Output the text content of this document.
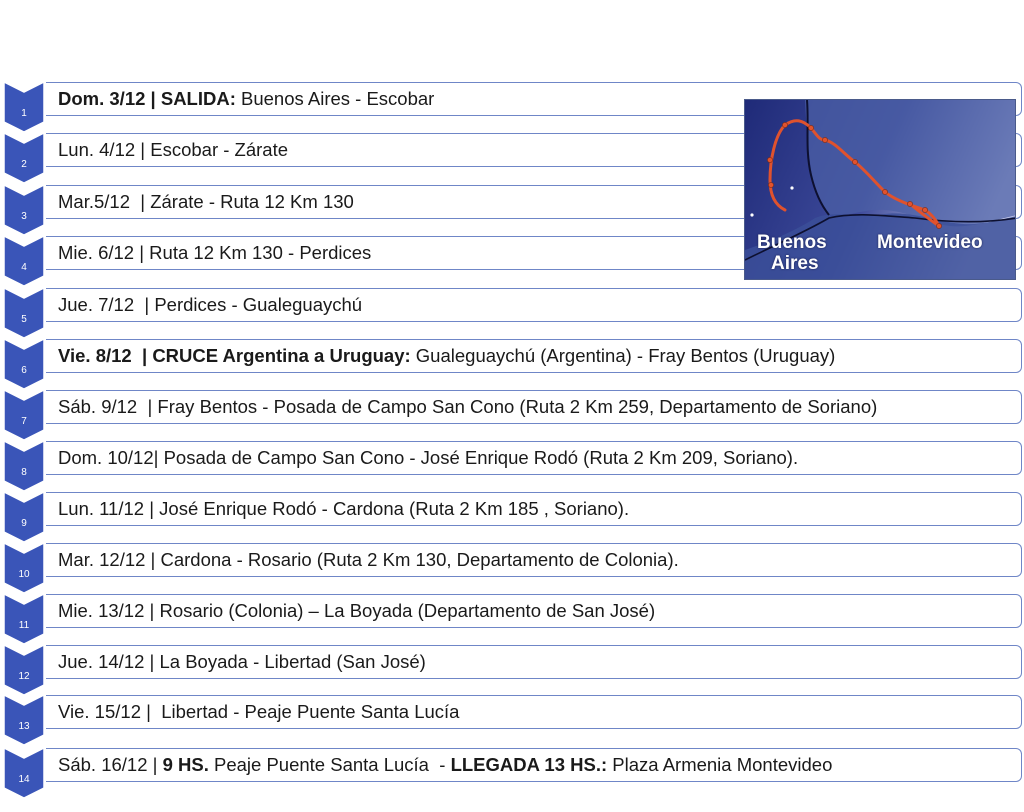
1
2
3
4
5
6
7
8
9
10
11
12
13
14
Dom. 3/12 | SALIDA: Buenos Aires - Escobar
Lun. 4/12 | Escobar - Zárate
Mar.5/12  | Zárate - Ruta 12 Km 130
Mie. 6/12 | Ruta 12 Km 130 - Perdices
Jue. 7/12  | Perdices - Gualeguaychú
Vie. 8/12  | CRUCE Argentina a Uruguay: Gualeguaychú (Argentina) - Fray Bentos (Uruguay)
Sáb. 9/12  | Fray Bentos - Posada de Campo San Cono (Ruta 2 Km 259, Departamento de Soriano)
Dom. 10/12| Posada de Campo San Cono - José Enrique Rodó (Ruta 2 Km 209, Soriano).
Lun. 11/12 | José Enrique Rodó - Cardona (Ruta 2 Km 185 , Soriano).
Mar. 12/12 | Cardona - Rosario (Ruta 2 Km 130, Departamento de Colonia).
Mie. 13/12 | Rosario (Colonia) – La Boyada (Departamento de San José)
Jue. 14/12 | La Boyada - Libertad (San José)
Vie. 15/12 |  Libertad - Peaje Puente Santa Lucía
Sáb. 16/12 | 9 HS. Peaje Puente Santa Lucía  - LLEGADA 13 HS.: Plaza Armenia Montevideo
Buenos
Aires
Montevideo
